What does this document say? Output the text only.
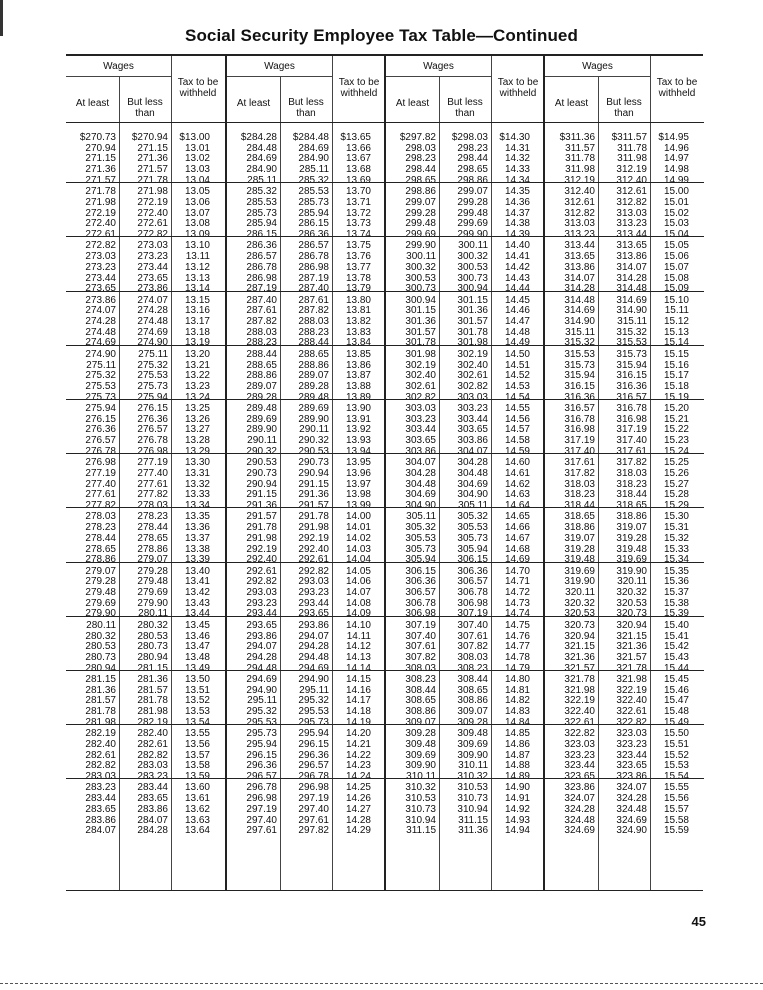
Social Security Employee Tax Table—Continued
Wages
Tax to be
withheld
At least	But less
than
$270.73 $270.94 $13.00
270.94 271.15 13.01
271.15 271.36 13.02
271.36 271.57 13.03
271.57 271.78 13.04
271.78 271.98 13.05
271.98 272.19 13.06
272.19 272.40 13.07
272.40 272.61 13.08
272.61 272.82 13.09
272.82 273.03 13.10
273.03 273.23 13.11
273.23 273.44 13.12
273.44 273.65 13.13
273.65 273.86 13.14
273.86 274.07 13.15
274.07 274.28 13.16
274.28 274.48 13.17
274.48 274.69 13.18
274.69 274.90 13.19
274.90 275.11 13.20
275.11 275.32 13.21
275.32 275.53 13.22
275.53 275.73 13.23
275.73 275.94 13.24
275.94 276.15 13.25
276.15 276.36 13.26
276.36 276.57 13.27
276.57 276.78 13.28
276.78 276.98 13.29
276.98 277.19 13.30
277.19 277.40 13.31
277.40 277.61 13.32
277.61 277.82 13.33
277.82 278.03 13.34
278.03 278.23 13.35
278.23 278.44 13.36
278.44 278.65 13.37
278.65 278.86 13.38
278.86 279.07 13.39
279.07 279.28 13.40
279.28 279.48 13.41
279.48 279.69 13.42
279.69 279.90 13.43
279.90 280.11 13.44
280.11 280.32 13.45
280.32 280.53 13.46
280.53 280.73 13.47
280.73 280.94 13.48
280.94 281.15 13.49
281.15 281.36 13.50
281.36 281.57 13.51
281.57 281.78 13.52
281.78 281.98 13.53
281.98 282.19 13.54
282.19 282.40 13.55
282.40 282.61 13.56
282.61 282.82 13.57
282.82 283.03 13.58
283.03 283.23 13.59
283.23 283.44 13.60
283.44 283.65 13.61
283.65 283.86 13.62
283.86 284.07 13.63
284.07 284.28 13.64
Wages
Tax to be
withheld
At least	But less
than
$284.28 $284.48 $13.65
284.48 284.69 13.66
284.69 284.90 13.67
284.90 285.11 13.68
285.11 285.32 13.69
285.32 285.53 13.70
285.53 285.73 13.71
285.73 285.94 13.72
285.94 286.15 13.73
286.15 286.36 13.74
286.36 286.57 13.75
286.57 286.78 13.76
286.78 286.98 13.77
286.98 287.19 13.78
287.19 287.40 13.79
287.40 287.61 13.80
287.61 287.82 13.81
287.82 288.03 13.82
288.03 288.23 13.83
288.23 288.44 13.84
288.44 288.65 13.85
288.65 288.86 13.86
288.86 289.07 13.87
289.07 289.28 13.88
289.28 289.48 13.89
289.48 289.69 13.90
289.69 289.90 13.91
289.90 290.11 13.92
290.11 290.32 13.93
290.32 290.53 13.94
290.53 290.73 13.95
290.73 290.94 13.96
290.94 291.15 13.97
291.15 291.36 13.98
291.36 291.57 13.99
291.57 291.78 14.00
291.78 291.98 14.01
291.98 292.19 14.02
292.19 292.40 14.03
292.40 292.61 14.04
292.61 292.82 14.05
292.82 293.03 14.06
293.03 293.23 14.07
293.23 293.44 14.08
293.44 293.65 14.09
293.65 293.86 14.10
293.86 294.07 14.11
294.07 294.28 14.12
294.28 294.48 14.13
294.48 294.69 14.14
294.69 294.90 14.15
294.90 295.11 14.16
295.11 295.32 14.17
295.32 295.53 14.18
295.53 295.73 14.19
295.73 295.94 14.20
295.94 296.15 14.21
296.15 296.36 14.22
296.36 296.57 14.23
296.57 296.78 14.24
296.78 296.98 14.25
296.98 297.19 14.26
297.19 297.40 14.27
297.40 297.61 14.28
297.61 297.82 14.29
Wages
Tax to be
withheld
At least	But less
than
$297.82 $298.03 $14.30
298.03 298.23 14.31
298.23 298.44 14.32
298.44 298.65 14.33
298.65 298.86 14.34
298.86 299.07 14.35
299.07 299.28 14.36
299.28 299.48 14.37
299.48 299.69 14.38
299.69 299.90 14.39
299.90 300.11 14.40
300.11 300.32 14.41
300.32 300.53 14.42
300.53 300.73 14.43
300.73 300.94 14.44
300.94 301.15 14.45
301.15 301.36 14.46
301.36 301.57 14.47
301.57 301.78 14.48
301.78 301.98 14.49
301.98 302.19 14.50
302.19 302.40 14.51
302.40 302.61 14.52
302.61 302.82 14.53
302.82 303.03 14.54
303.03 303.23 14.55
303.23 303.44 14.56
303.44 303.65 14.57
303.65 303.86 14.58
303.86 304.07 14.59
304.07 304.28 14.60
304.28 304.48 14.61
304.48 304.69 14.62
304.69 304.90 14.63
304.90 305.11 14.64
305.11 305.32 14.65
305.32 305.53 14.66
305.53 305.73 14.67
305.73 305.94 14.68
305.94 306.15 14.69
306.15 306.36 14.70
306.36 306.57 14.71
306.57 306.78 14.72
306.78 306.98 14.73
306.98 307.19 14.74
307.19 307.40 14.75
307.40 307.61 14.76
307.61 307.82 14.77
307.82 308.03 14.78
308.03 308.23 14.79
308.23 308.44 14.80
308.44 308.65 14.81
308.65 308.86 14.82
308.86 309.07 14.83
309.07 309.28 14.84
309.28 309.48 14.85
309.48 309.69 14.86
309.69 309.90 14.87
309.90 310.11 14.88
310.11 310.32 14.89
310.32 310.53 14.90
310.53 310.73 14.91
310.73 310.94 14.92
310.94 311.15 14.93
311.15 311.36 14.94
Wages
Tax to be
withheld
At least	But less
than
$311.36 $311.57 $14.95
311.57 311.78 14.96
311.78 311.98 14.97
311.98 312.19 14.98
312.19 312.40 14.99
312.40 312.61 15.00
312.61 312.82 15.01
312.82 313.03 15.02
313.03 313.23 15.03
313.23 313.44 15.04
313.44 313.65 15.05
313.65 313.86 15.06
313.86 314.07 15.07
314.07 314.28 15.08
314.28 314.48 15.09
314.48 314.69 15.10
314.69 314.90 15.11
314.90 315.11 15.12
315.11 315.32 15.13
315.32 315.53 15.14
315.53 315.73 15.15
315.73 315.94 15.16
315.94 316.15 15.17
316.15 316.36 15.18
316.36 316.57 15.19
316.57 316.78 15.20
316.78 316.98 15.21
316.98 317.19 15.22
317.19 317.40 15.23
317.40 317.61 15.24
317.61 317.82 15.25
317.82 318.03 15.26
318.03 318.23 15.27
318.23 318.44 15.28
318.44 318.65 15.29
318.65 318.86 15.30
318.86 319.07 15.31
319.07 319.28 15.32
319.28 319.48 15.33
319.48 319.69 15.34
319.69 319.90 15.35
319.90 320.11 15.36
320.11 320.32 15.37
320.32 320.53 15.38
320.53 320.73 15.39
320.73 320.94 15.40
320.94 321.15 15.41
321.15 321.36 15.42
321.36 321.57 15.43
321.57 321.78 15.44
321.78 321.98 15.45
321.98 322.19 15.46
322.19 322.40 15.47
322.40 322.61 15.48
322.61 322.82 15.49
322.82 323.03 15.50
323.03 323.23 15.51
323.23 323.44 15.52
323.44 323.65 15.53
323.65 323.86 15.54
323.86 324.07 15.55
324.07 324.28 15.56
324.28 324.48 15.57
324.48 324.69 15.58
324.69 324.90 15.59
45
